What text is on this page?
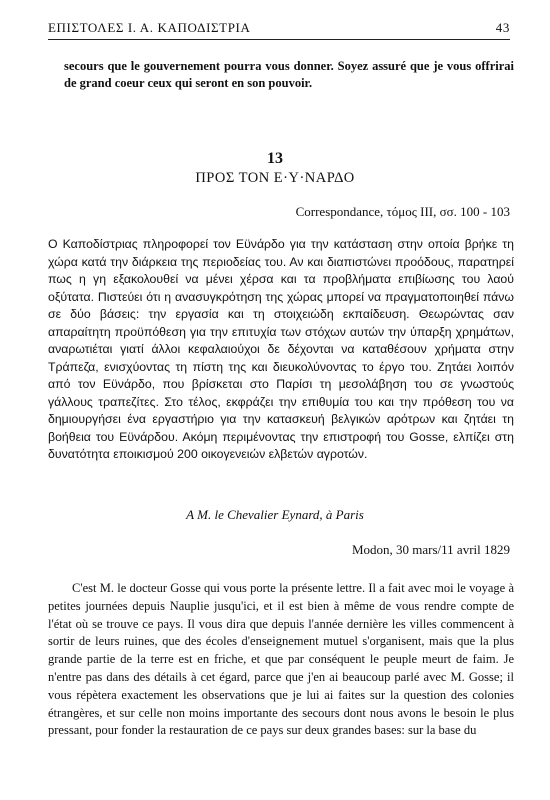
ΕΠΙΣΤΟΛΕΣ Ι. Α. ΚΑΠΟΔΙΣΤΡΙΑ	43
secours que le gouvernement pourra vous donner. Soyez assuré que je vous offrirai de grand coeur ceux qui seront en son pouvoir.
13
ΠΡΟΣ ΤΟΝ Ε·Υ·ΝΑΡΔΟ
Correspondance, τόμος III, σσ. 100 - 103

Ο Καποδίστριας πληροφορεί τον Εϋνάρδο για την κατάσταση στην οποία βρήκε τη χώρα κατά την διάρκεια της περιοδείας του. Αν και διαπιστώνει προόδους, παρατηρεί πως η γη εξακολουθεί να μένει χέρσα και τα προβλήματα επιβίωσης του λαού οξύτατα. Πιστεύει ότι η ανασυγκρότηση της χώρας μπορεί να πραγματοποιηθεί πάνω σε δύο βάσεις: την εργασία και τη στοιχειώδη εκπαίδευση. Θεωρώντας σαν απαραίτητη προϋπόθεση για την επιτυχία των στόχων αυτών την ύπαρξη χρημάτων, αναρωτιέται γιατί άλλοι κεφαλαιούχοι δε δέχονται να καταθέσουν χρήματα στην Τράπεζα, ενισχύοντας τη πίστη της και διευκολύνοντας το έργο του. Ζητάει λοιπόν από τον Εϋνάρδο, που βρίσκεται στο Παρίσι τη μεσολάβηση του σε γνωστούς γάλλους τραπεζίτες. Στο τέλος, εκφράζει την επιθυμία του και την πρόθεση του να δημιουργήσει ένα εργαστήριο για την κατασκευή βελγικών αρότρων και ζητάει τη βοήθεια του Εϋνάρδου. Ακόμη περιμένοντας την επιστροφή του Gosse, ελπίζει στη δυνατότητα εποικισμού 200 οικογενειών ελβετών αγροτών.

A M. le Chevalier Eynard, à Paris
Modon, 30 mars/11 avril 1829

C'est M. le docteur Gosse qui vous porte la présente lettre. Il a fait avec moi le voyage à petites journées depuis Nauplie jusqu'ici, et il est bien à même de vous rendre compte de l'état où se trouve ce pays. Il vous dira que depuis l'année dernière les villes commencent à sortir de leurs ruines, que des écoles d'enseignement mutuel s'organisent, mais que la plus grande partie de la terre est en friche, et que par conséquent le peuple meurt de faim. Je n'entre pas dans des détails à cet égard, parce que j'en ai beaucoup parlé avec M. Gosse; il vous répètera exactement les observations que je lui ai faites sur la question des colonies étrangères, et sur celle non moins importante des secours dont nous avons le besoin le plus pressant, pour fonder la restauration de ce pays sur deux grandes bases: sur la base du
